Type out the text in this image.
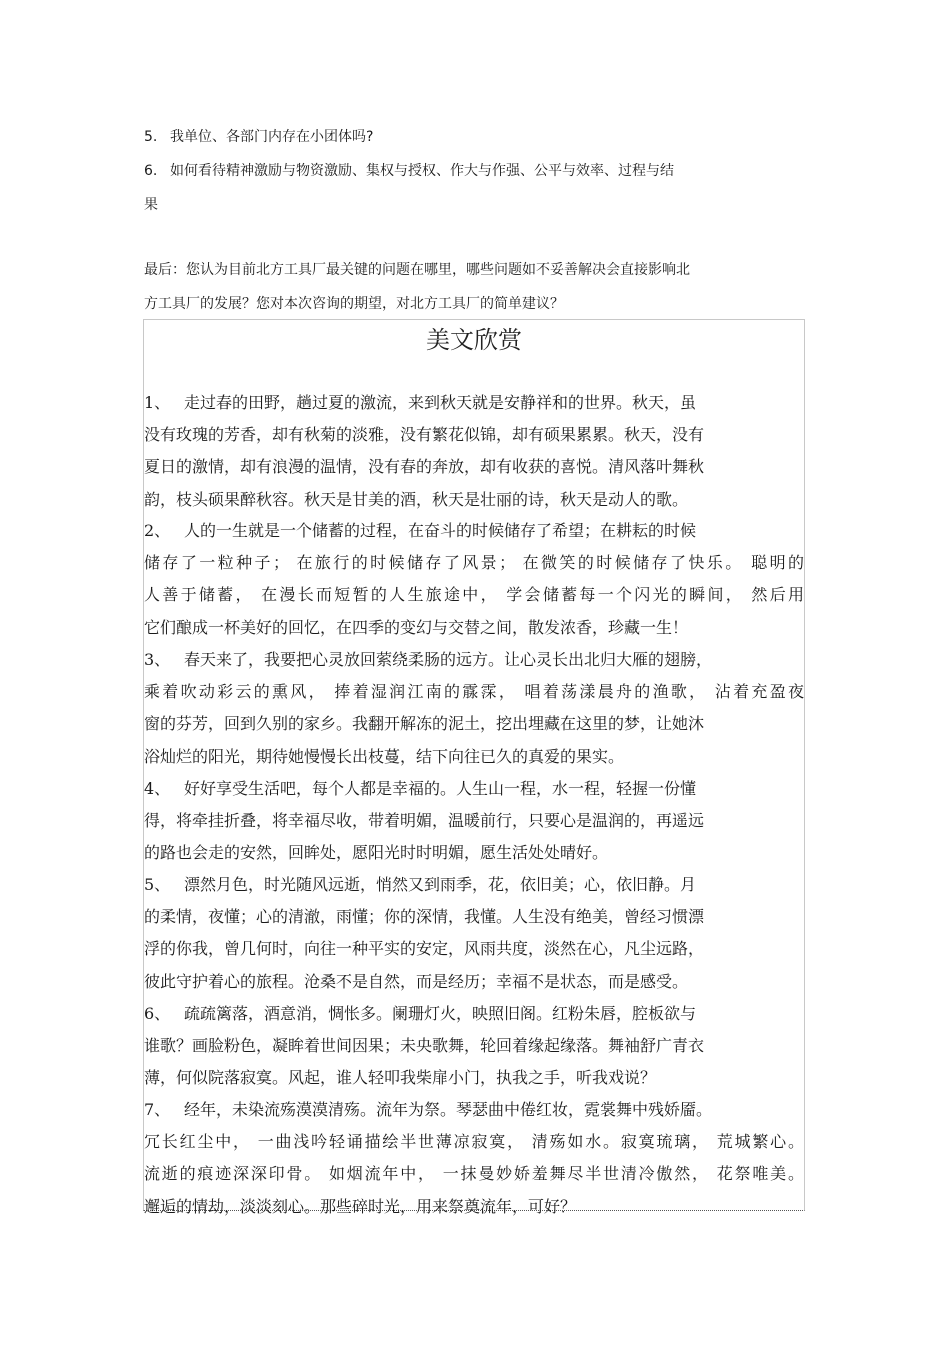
5. 我单位、各部门内存在小团体吗?
6. 如何看待精神激励与物资激励、集权与授权、作大与作强、公平与效率、过程与结
果
最后：您认为目前北方工具厂最关键的问题在哪里，哪些问题如不妥善解决会直接影响北
方工具厂的发展？您对本次咨询的期望，对北方工具厂的简单建议？
美文欣赏
1、 走过春的田野，趟过夏的激流，来到秋天就是安静祥和的世界。秋天，虽
没有玫瑰的芳香，却有秋菊的淡雅，没有繁花似锦，却有硕果累累。秋天，没有
夏日的激情，却有浪漫的温情，没有春的奔放，却有收获的喜悦。清风落叶舞秋
韵，枝头硕果醉秋容。秋天是甘美的酒，秋天是壮丽的诗，秋天是动人的歌。
2、 人的一生就是一个储蓄的过程，在奋斗的时候储存了希望；在耕耘的时候
储存了一粒种子； 在旅行的时候储存了风景； 在微笑的时候储存了快乐。 聪明的
人善于储蓄， 在漫长而短暂的人生旅途中， 学会储蓄每一个闪光的瞬间， 然后用
它们酿成一杯美好的回忆，在四季的变幻与交替之间，散发浓香，珍藏一生！
3、 春天来了，我要把心灵放回萦绕柔肠的远方。让心灵长出北归大雁的翅膀，
乘着吹动彩云的熏风， 捧着湿润江南的霡霂， 唱着荡漾晨舟的渔歌， 沾着充盈夜
窗的芬芳，回到久别的家乡。我翻开解冻的泥土，挖出埋藏在这里的梦，让她沐
浴灿烂的阳光，期待她慢慢长出枝蔓，结下向往已久的真爱的果实。
4、 好好享受生活吧，每个人都是幸福的。人生山一程，水一程，轻握一份懂
得，将牵挂折叠，将幸福尽收，带着明媚，温暖前行，只要心是温润的，再遥远
的路也会走的安然，回眸处，愿阳光时时明媚，愿生活处处晴好。
5、 漂然月色，时光随风远逝，悄然又到雨季，花，依旧美；心，依旧静。月
的柔情，夜懂；心的清澈，雨懂；你的深情，我懂。人生没有绝美，曾经习惯漂
浮的你我，曾几何时，向往一种平实的安定，风雨共度，淡然在心，凡尘远路，
彼此守护着心的旅程。沧桑不是自然，而是经历；幸福不是状态，而是感受。
6、 疏疏篱落，酒意消，惆怅多。阑珊灯火，映照旧阁。红粉朱唇，腔板欲与
谁歌？画脸粉色，凝眸着世间因果；未央歌舞，轮回着缘起缘落。舞袖舒广青衣
薄，何似院落寂寞。风起，谁人轻叩我柴扉小门，执我之手，听我戏说？
7、 经年，未染流殇漠漠清殇。流年为祭。琴瑟曲中倦红妆，霓裳舞中残娇靥。
冗长红尘中， 一曲浅吟轻诵描绘半世薄凉寂寞， 清殇如水。寂寞琉璃， 荒城繁心。
流逝的痕迹深深印骨。 如烟流年中， 一抹曼妙娇羞舞尽半世清冷傲然， 花祭唯美。
邂逅的情劫，淡淡刻心。那些碎时光，用来祭奠流年，可好？
